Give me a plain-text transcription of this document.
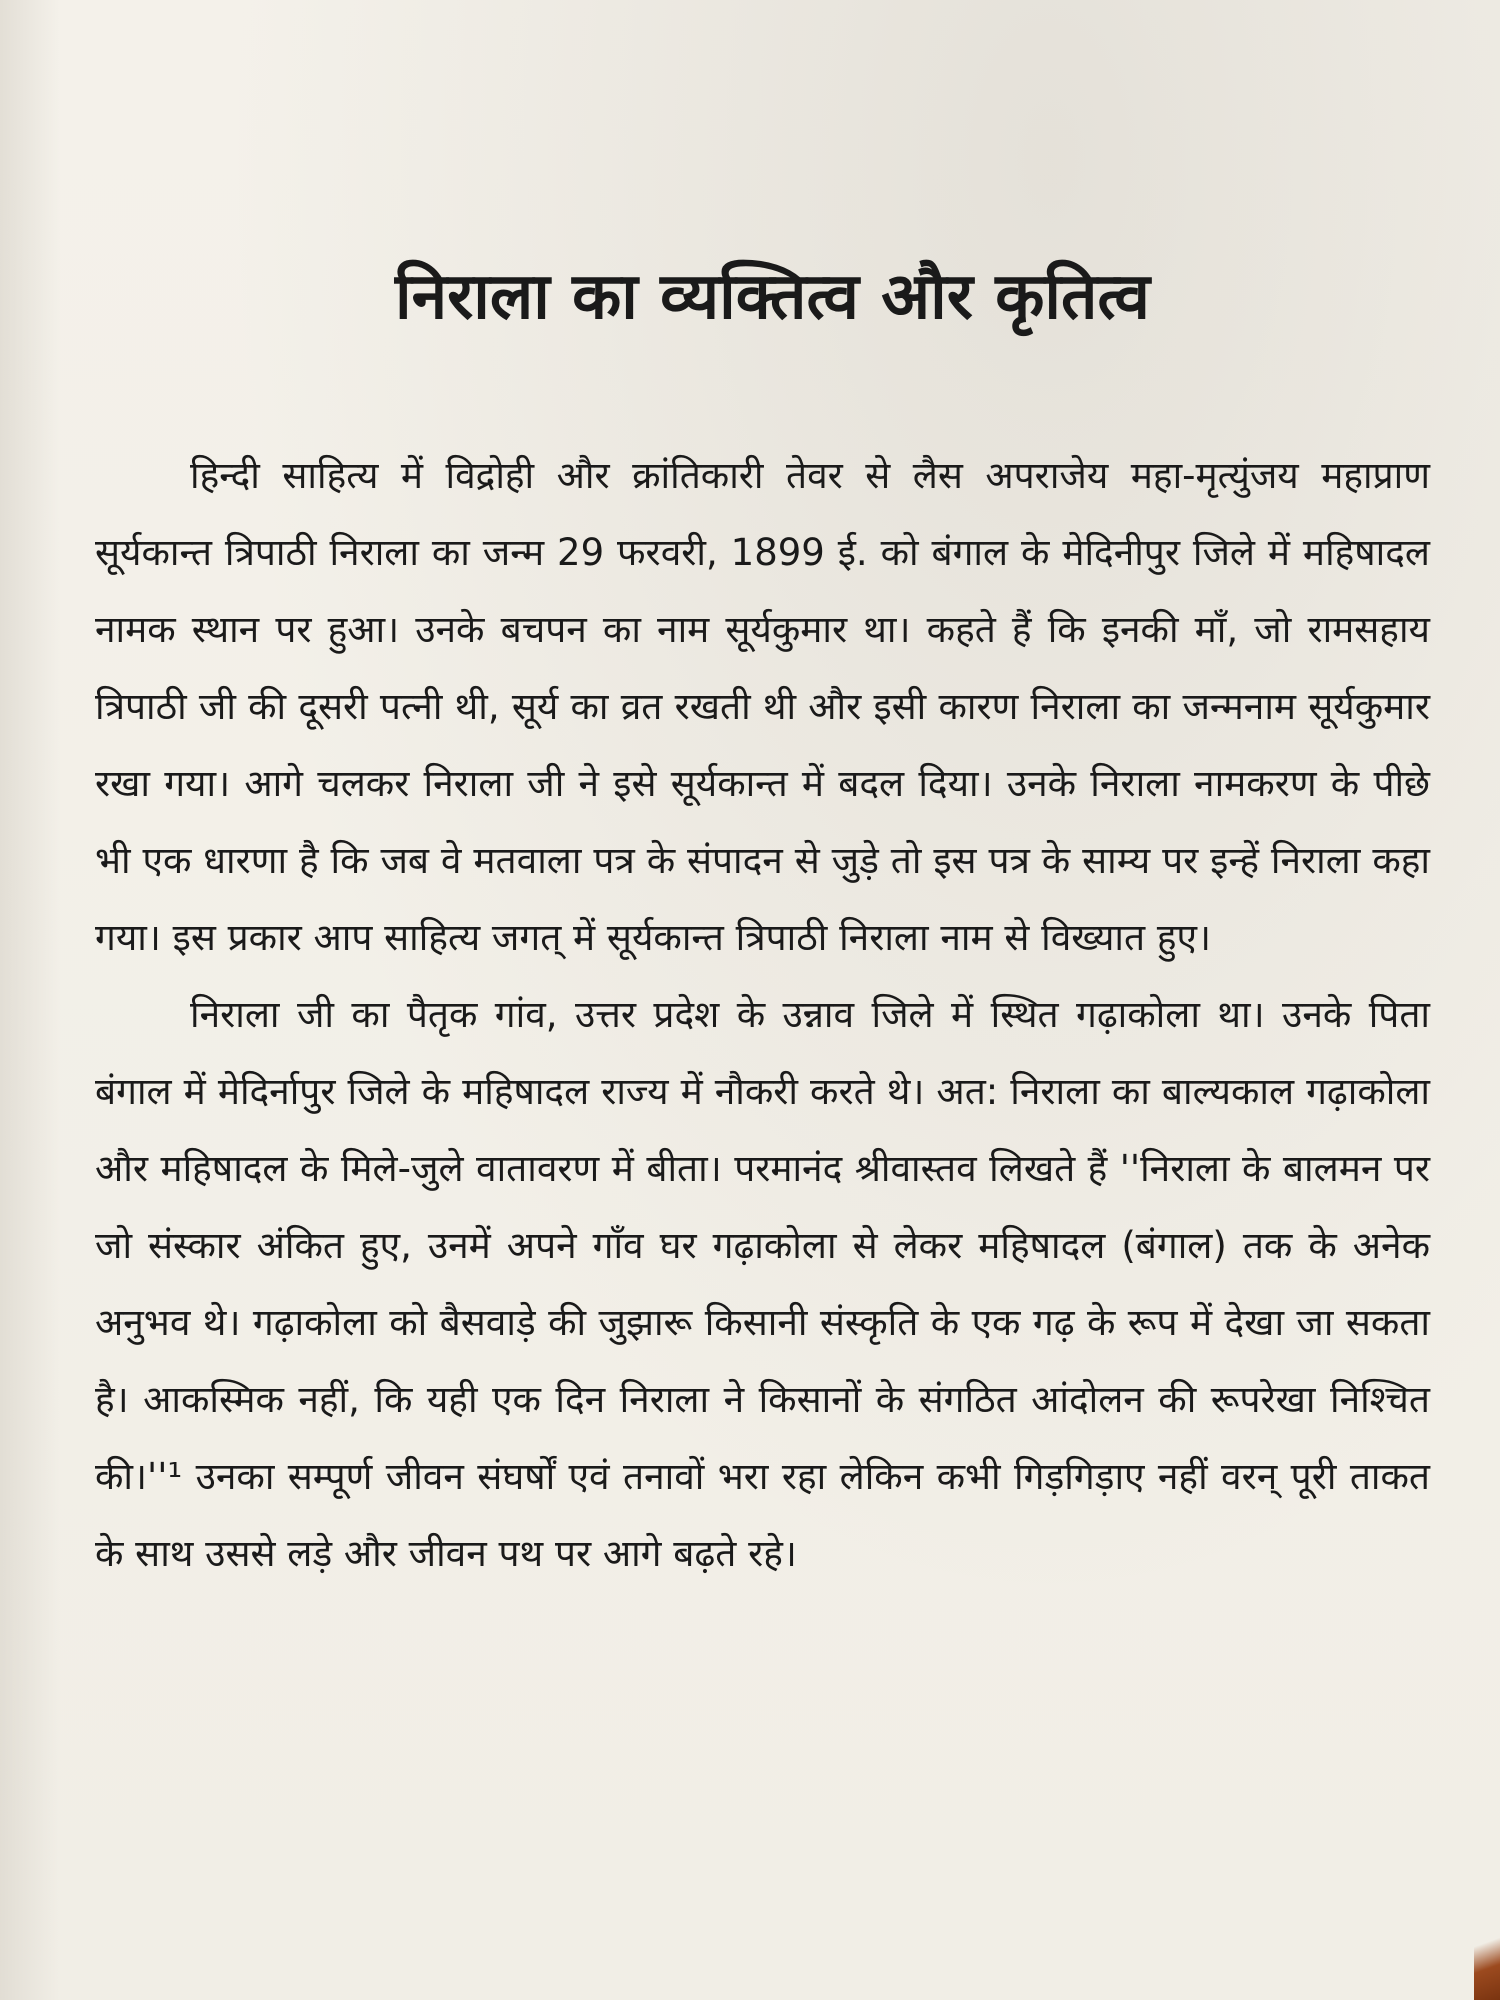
निराला का व्यक्तित्व और कृतित्व

हिन्दी साहित्य में विद्रोही और क्रांतिकारी तेवर से लैस अपराजेय महा-मृत्युंजय महाप्राण सूर्यकान्त त्रिपाठी निराला का जन्म 29 फरवरी, 1899 ई. को बंगाल के मेदिनीपुर जिले में महिषादल नामक स्थान पर हुआ। उनके बचपन का नाम सूर्यकुमार था। कहते हैं कि इनकी माँ, जो रामसहाय त्रिपाठी जी की दूसरी पत्नी थी, सूर्य का व्रत रखती थी और इसी कारण निराला का जन्मनाम सूर्यकुमार रखा गया। आगे चलकर निराला जी ने इसे सूर्यकान्त में बदल दिया। उनके निराला नामकरण के पीछे भी एक धारणा है कि जब वे मतवाला पत्र के संपादन से जुड़े तो इस पत्र के साम्य पर इन्हें निराला कहा गया। इस प्रकार आप साहित्य जगत् में सूर्यकान्त त्रिपाठी निराला नाम से विख्यात हुए।

निराला जी का पैतृक गांव, उत्तर प्रदेश के उन्नाव जिले में स्थित गढ़ाकोला था। उनके पिता बंगाल में मेदिर्नापुर जिले के महिषादल राज्य में नौकरी करते थे। अत: निराला का बाल्यकाल गढ़ाकोला और महिषादल के मिले-जुले वातावरण में बीता। परमानंद श्रीवास्तव लिखते हैं ''निराला के बालमन पर जो संस्कार अंकित हुए, उनमें अपने गाँव घर गढ़ाकोला से लेकर महिषादल (बंगाल) तक के अनेक अनुभव थे। गढ़ाकोला को बैसवाड़े की जुझारू किसानी संस्कृति के एक गढ़ के रूप में देखा जा सकता है। आकस्मिक नहीं, कि यही एक दिन निराला ने किसानों के संगठित आंदोलन की रूपरेखा निश्चित की।''¹ उनका सम्पूर्ण जीवन संघर्षों एवं तनावों भरा रहा लेकिन कभी गिड़गिड़ाए नहीं वरन् पूरी ताकत के साथ उससे लड़े और जीवन पथ पर आगे बढ़ते रहे।
